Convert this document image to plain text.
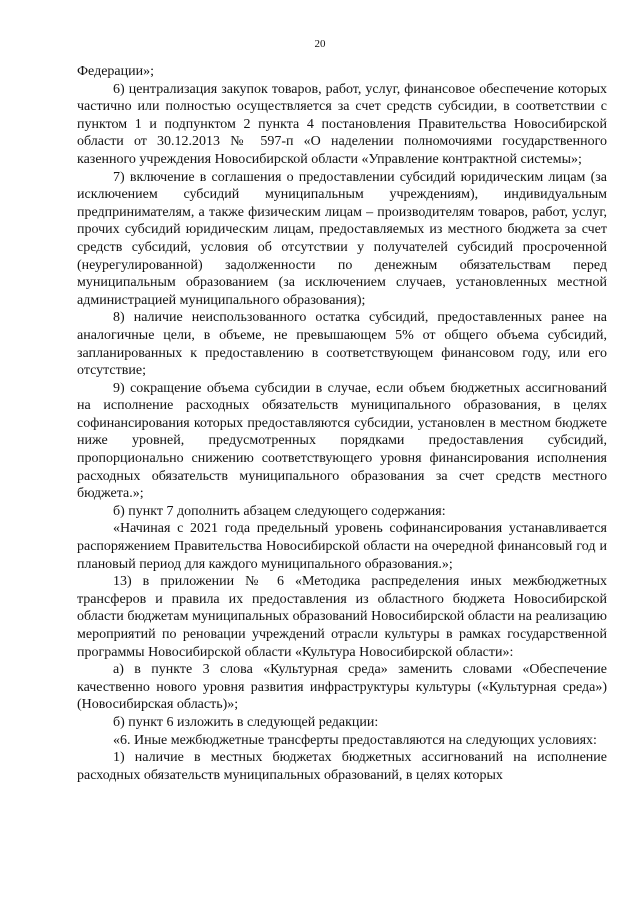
20

Федерации»;

6) централизация закупок товаров, работ, услуг, финансовое обеспечение которых частично или полностью осуществляется за счет средств субсидии, в соответствии с пунктом 1 и подпунктом 2 пункта 4 постановления Правительства Новосибирской области от 30.12.2013 № 597-п «О наделении полномочиями государственного казенного учреждения Новосибирской области «Управление контрактной системы»;

7) включение в соглашения о предоставлении субсидий юридическим лицам (за исключением субсидий муниципальным учреждениям), индивидуальным предпринимателям, а также физическим лицам – производителям товаров, работ, услуг, прочих субсидий юридическим лицам, предоставляемых из местного бюджета за счет средств субсидий, условия об отсутствии у получателей субсидий просроченной (неурегулированной) задолженности по денежным обязательствам перед муниципальным образованием (за исключением случаев, установленных местной администрацией муниципального образования);

8) наличие неиспользованного остатка субсидий, предоставленных ранее на аналогичные цели, в объеме, не превышающем 5% от общего объема субсидий, запланированных к предоставлению в соответствующем финансовом году, или его отсутствие;

9) сокращение объема субсидии в случае, если объем бюджетных ассигнований на исполнение расходных обязательств муниципального образования, в целях софинансирования которых предоставляются субсидии, установлен в местном бюджете ниже уровней, предусмотренных порядками предоставления субсидий, пропорционально снижению соответствующего уровня финансирования исполнения расходных обязательств муниципального образования за счет средств местного бюджета.»;

б) пункт 7 дополнить абзацем следующего содержания:

«Начиная с 2021 года предельный уровень софинансирования устанавливается распоряжением Правительства Новосибирской области на очередной финансовый год и плановый период для каждого муниципального образования.»;

13) в приложении № 6 «Методика распределения иных межбюджетных трансферов и правила их предоставления из областного бюджета Новосибирской области бюджетам муниципальных образований Новосибирской области на реализацию мероприятий по реновации учреждений отрасли культуры в рамках государственной программы Новосибирской области «Культура Новосибирской области»:

а) в пункте 3 слова «Культурная среда» заменить словами «Обеспечение качественно нового уровня развития инфраструктуры культуры («Культурная среда») (Новосибирская область)»;

б) пункт 6 изложить в следующей редакции:

«6. Иные межбюджетные трансферты предоставляются на следующих условиях:

1) наличие в местных бюджетах бюджетных ассигнований на исполнение расходных обязательств муниципальных образований, в целях которых
